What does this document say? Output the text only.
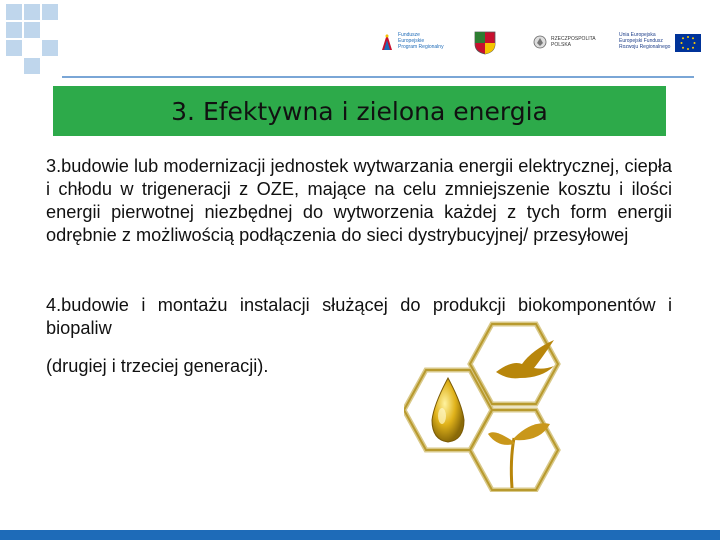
Fundusze
Europejskie
Program Regionalny
RZECZPOSPOLITA
POLSKA
Unia Europejska
Europejski Fundusz
Rozwoju Regionalnego
3. Efektywna i zielona energia
3.budowie lub modernizacji jednostek wytwarzania energii elektrycznej, ciepła i chłodu w trigeneracji z OZE, mające na celu zmniejszenie kosztu i ilości energii pierwotnej niezbędnej do wytworzenia każdej z tych form energii odrębnie z możliwością podłączenia do sieci dystrybucyjnej/ przesyłowej
4.budowie i montażu instalacji służącej do produkcji biokomponentów i biopaliw
(drugiej i trzeciej generacji).
